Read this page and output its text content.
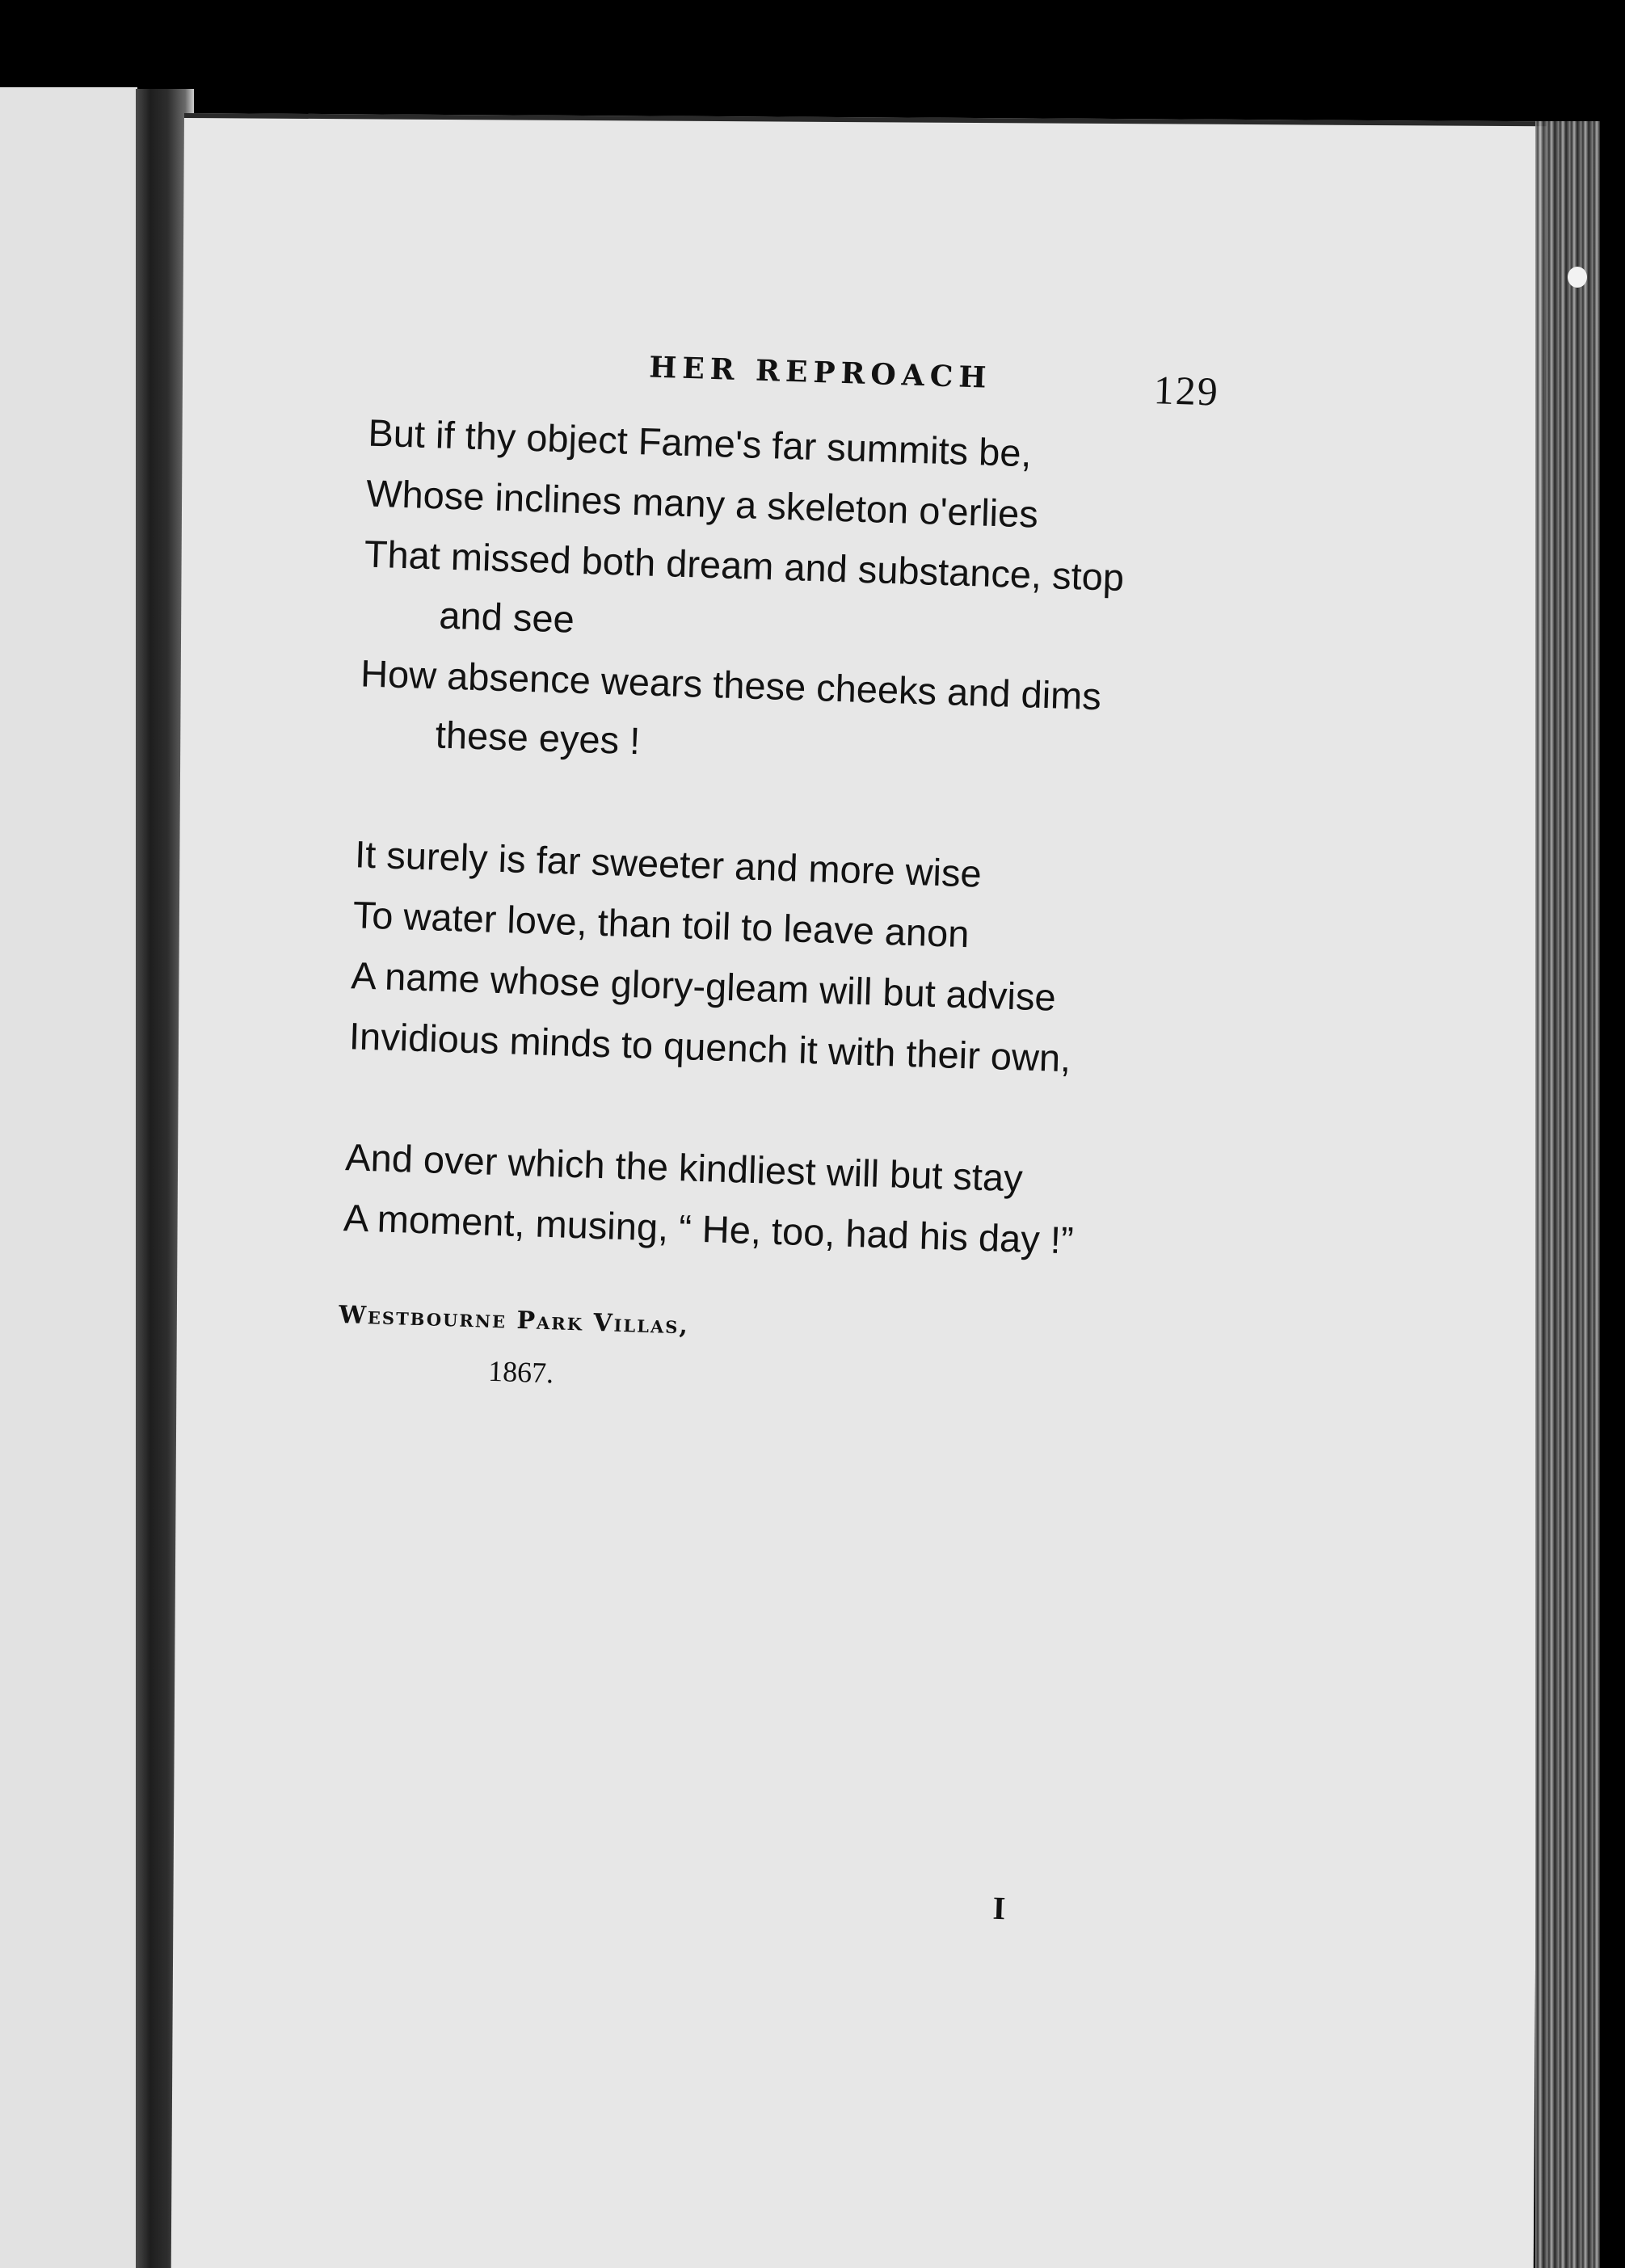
HER REPROACH	129
But if thy object Fame's far summits be,
Whose inclines many a skeleton o'erlies
That missed both dream and substance, stop
and see
How absence wears these cheeks and dims
these eyes !
It surely is far sweeter and more wise
To water love, than toil to leave anon
A name whose glory-gleam will but advise
Invidious minds to quench it with their own,
And over which the kindliest will but stay
A moment, musing, “ He, too, had his day !”
Westbourne Park Villas,
1867.
I
